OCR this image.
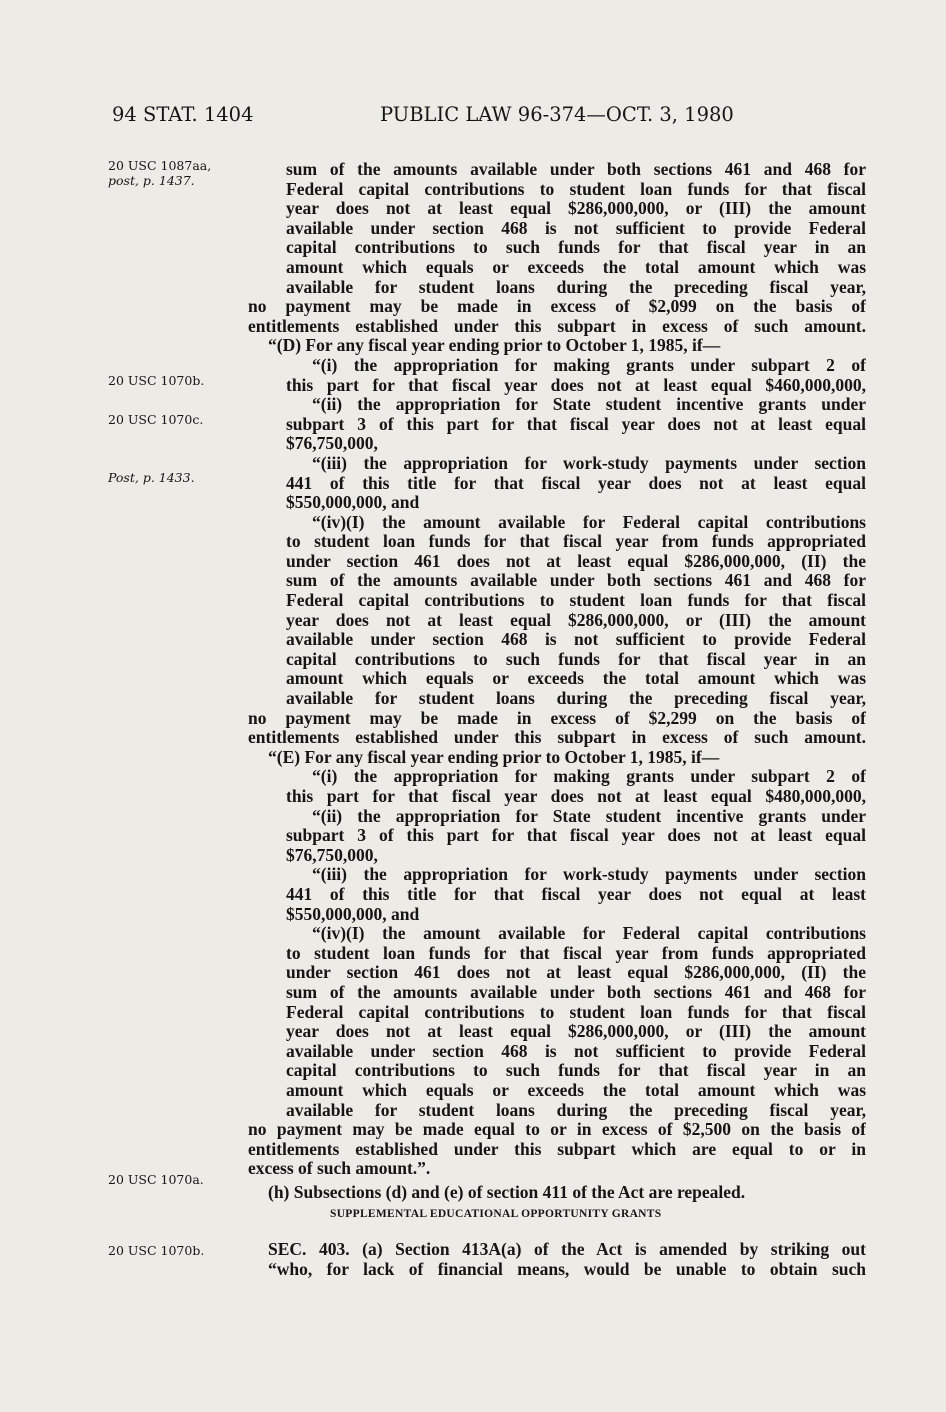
94 STAT. 1404	PUBLIC LAW 96-374—OCT. 3, 1980
20 USC 1087aa,
post, p. 1437.
20 USC 1070b.
20 USC 1070c.
Post, p. 1433.
20 USC 1070a.
20 USC 1070b.
sum of the amounts available under both sections 461 and 468 for
Federal capital contributions to student loan funds for that fiscal
year does not at least equal $286,000,000, or (III) the amount
available under section 468 is not sufficient to provide Federal
capital contributions to such funds for that fiscal year in an
amount which equals or exceeds the total amount which was
available for student loans during the preceding fiscal year,
no payment may be made in excess of $2,099 on the basis of
entitlements established under this subpart in excess of such amount.
“(D) For any fiscal year ending prior to October 1, 1985, if—
“(i) the appropriation for making grants under subpart 2 of
this part for that fiscal year does not at least equal $460,000,000,
“(ii) the appropriation for State student incentive grants under
subpart 3 of this part for that fiscal year does not at least equal
$76,750,000,
“(iii) the appropriation for work-study payments under section
441 of this title for that fiscal year does not at least equal
$550,000,000, and
“(iv)(I) the amount available for Federal capital contributions
to student loan funds for that fiscal year from funds appropriated
under section 461 does not at least equal $286,000,000, (II) the
sum of the amounts available under both sections 461 and 468 for
Federal capital contributions to student loan funds for that fiscal
year does not at least equal $286,000,000, or (III) the amount
available under section 468 is not sufficient to provide Federal
capital contributions to such funds for that fiscal year in an
amount which equals or exceeds the total amount which was
available for student loans during the preceding fiscal year,
no payment may be made in excess of $2,299 on the basis of
entitlements established under this subpart in excess of such amount.
“(E) For any fiscal year ending prior to October 1, 1985, if—
“(i) the appropriation for making grants under subpart 2 of
this part for that fiscal year does not at least equal $480,000,000,
“(ii) the appropriation for State student incentive grants under
subpart 3 of this part for that fiscal year does not at least equal
$76,750,000,
“(iii) the appropriation for work-study payments under section
441 of this title for that fiscal year does not equal at least
$550,000,000, and
“(iv)(I) the amount available for Federal capital contributions
to student loan funds for that fiscal year from funds appropriated
under section 461 does not at least equal $286,000,000, (II) the
sum of the amounts available under both sections 461 and 468 for
Federal capital contributions to student loan funds for that fiscal
year does not at least equal $286,000,000, or (III) the amount
available under section 468 is not sufficient to provide Federal
capital contributions to such funds for that fiscal year in an
amount which equals or exceeds the total amount which was
available for student loans during the preceding fiscal year,
no payment may be made equal to or in excess of $2,500 on the basis of
entitlements established under this subpart which are equal to or in
excess of such amount.”.
(h) Subsections (d) and (e) of section 411 of the Act are repealed.
SUPPLEMENTAL EDUCATIONAL OPPORTUNITY GRANTS
SEC. 403. (a) Section 413A(a) of the Act is amended by striking out
“who, for lack of financial means, would be unable to obtain such
